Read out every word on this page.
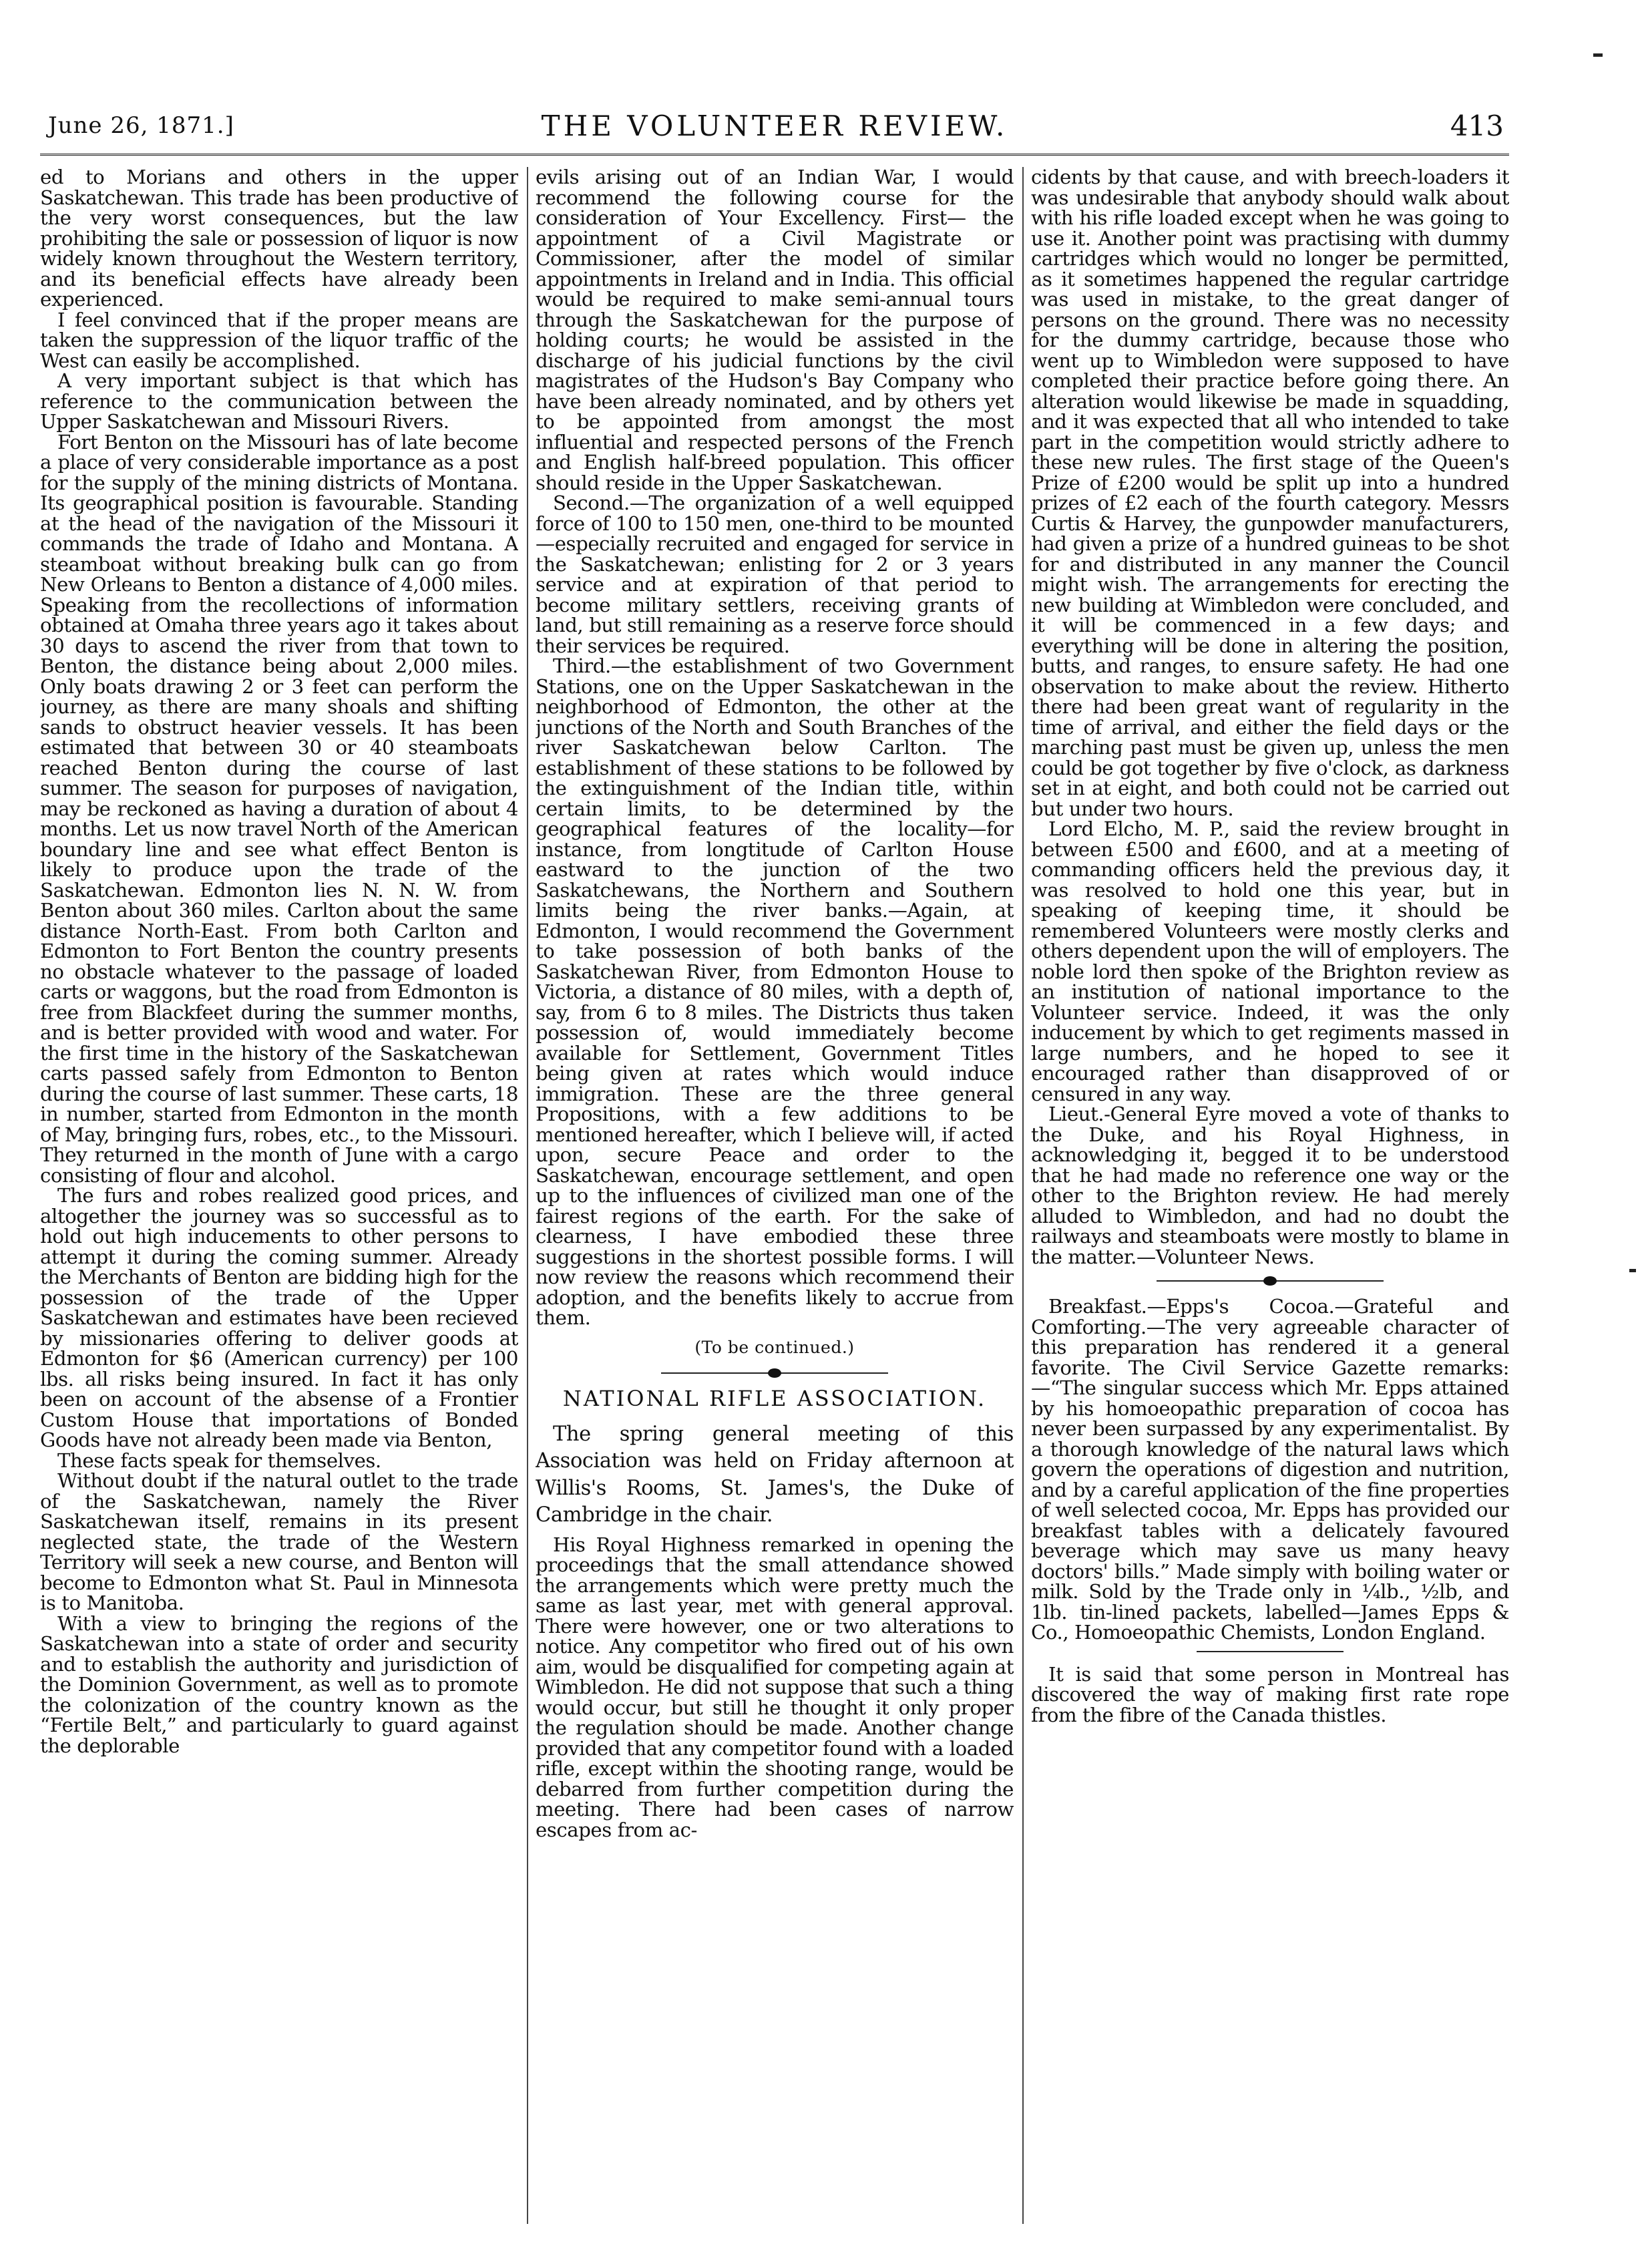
June 26, 1871.]	THE VOLUNTEER REVIEW.	413

ed to Morians and others in the upper Saskatchewan. This trade has been productive of the very worst consequences, but the law prohibiting the sale or possession of liquor is now widely known throughout the Western territory, and its beneficial effects have already been experienced.

I feel convinced that if the proper means are taken the suppression of the liquor traffic of the West can easily be accomplished.

A very important subject is that which has reference to the communication between the Upper Saskatchewan and Missouri Rivers.

Fort Benton on the Missouri has of late become a place of very considerable importance as a post for the supply of the mining districts of Montana. Its geographical position is favourable. Standing at the head of the navigation of the Missouri it commands the trade of Idaho and Montana. A steamboat without breaking bulk can go from New Orleans to Benton a distance of 4,000 miles. Speaking from the recollections of information obtained at Omaha three years ago it takes about 30 days to ascend the river from that town to Benton, the distance being about 2,000 miles. Only boats drawing 2 or 3 feet can perform the journey, as there are many shoals and shifting sands to obstruct heavier vessels. It has been estimated that between 30 or 40 steamboats reached Benton during the course of last summer. The season for purposes of navigation, may be reckoned as having a duration of about 4 months. Let us now travel North of the American boundary line and see what effect Benton is likely to produce upon the trade of the Saskatchewan. Edmonton lies N. N. W. from Benton about 360 miles. Carlton about the same distance North-East. From both Carlton and Edmonton to Fort Benton the country presents no obstacle whatever to the passage of loaded carts or waggons, but the road from Edmonton is free from Blackfeet during the summer months, and is better provided with wood and water. For the first time in the history of the Saskatchewan carts passed safely from Edmonton to Benton during the course of last summer. These carts, 18 in number, started from Edmonton in the month of May, bringing furs, robes, etc., to the Missouri. They returned in the month of June with a cargo consisting of flour and alcohol.

The furs and robes realized good prices, and altogether the journey was so successful as to hold out high inducements to other persons to attempt it during the coming summer. Already the Merchants of Benton are bidding high for the possession of the trade of the Upper Saskatchewan and estimates have been recieved by missionaries offering to deliver goods at Edmonton for $6 (American currency) per 100 lbs. all risks being insured. In fact it has only been on account of the absense of a Frontier Custom House that importations of Bonded Goods have not already been made via Benton,

These facts speak for themselves.

Without doubt if the natural outlet to the trade of the Saskatchewan, namely the River Saskatchewan itself, remains in its present neglected state, the trade of the Western Territory will seek a new course, and Benton will become to Edmonton what St. Paul in Minnesota is to Manitoba.

With a view to bringing the regions of the Saskatchewan into a state of order and security and to establish the authority and jurisdiction of the Dominion Government, as well as to promote the colonization of the country known as the “Fertile Belt,” and particularly to guard against the deplorable

evils arising out of an Indian War, I would recommend the following course for the consideration of Your Excellency. First— the appointment of a Civil Magistrate or Commissioner, after the model of similar appointments in Ireland and in India. This official would be required to make semi-annual tours through the Saskatchewan for the purpose of holding courts; he would be assisted in the discharge of his judicial functions by the civil magistrates of the Hudson's Bay Company who have been already nominated, and by others yet to be appointed from amongst the most influential and respected persons of the French and English half-breed population. This officer should reside in the Upper Saskatchewan.

Second.—The organization of a well equipped force of 100 to 150 men, one-third to be mounted—especially recruited and engaged for service in the Saskatchewan; enlisting for 2 or 3 years service and at expiration of that period to become military settlers, receiving grants of land, but still remaining as a reserve force should their services be required.

Third.—the establishment of two Government Stations, one on the Upper Saskatchewan in the neighborhood of Edmonton, the other at the junctions of the North and South Branches of the river Saskatchewan below Carlton. The establishment of these stations to be followed by the extinguishment of the Indian title, within certain limits, to be determined by the geographical features of the locality—for instance, from longtitude of Carlton House eastward to the junction of the two Saskatchewans, the Northern and Southern limits being the river banks.—Again, at Edmonton, I would recommend the Government to take possession of both banks of the Saskatchewan River, from Edmonton House to Victoria, a distance of 80 miles, with a depth of, say, from 6 to 8 miles. The Districts thus taken possession of, would immediately become available for Settlement, Government Titles being given at rates which would induce immigration. These are the three general Propositions, with a few additions to be mentioned hereafter, which I believe will, if acted upon, secure Peace and order to the Saskatchewan, encourage settlement, and open up to the influences of civilized man one of the fairest regions of the earth. For the sake of clearness, I have embodied these three suggestions in the shortest possible forms. I will now review the reasons which recommend their adoption, and the benefits likely to accrue from them.

(To be continued.)
NATIONAL RIFLE ASSOCIATION.

The spring general meeting of this Association was held on Friday afternoon at Willis's Rooms, St. James's, the Duke of Cambridge in the chair.

His Royal Highness remarked in opening the proceedings that the small attendance showed the arrangements which were pretty much the same as last year, met with general approval. There were however, one or two alterations to notice. Any competitor who fired out of his own aim, would be disqualified for competing again at Wimbledon. He did not suppose that such a thing would occur, but still he thought it only proper the regulation should be made. Another change provided that any competitor found with a loaded rifle, except within the shooting range, would be debarred from further competition during the meeting. There had been cases of narrow escapes from ac-

cidents by that cause, and with breech-loaders it was undesirable that anybody should walk about with his rifle loaded except when he was going to use it. Another point was practising with dummy cartridges which would no longer be permitted, as it sometimes happened the regular cartridge was used in mistake, to the great danger of persons on the ground. There was no necessity for the dummy cartridge, because those who went up to Wimbledon were supposed to have completed their practice before going there. An alteration would likewise be made in squadding, and it was expected that all who intended to take part in the competition would strictly adhere to these new rules. The first stage of the Queen's Prize of £200 would be split up into a hundred prizes of £2 each of the fourth category. Messrs Curtis & Harvey, the gunpowder manufacturers, had given a prize of a hundred guineas to be shot for and distributed in any manner the Council might wish. The arrangements for erecting the new building at Wimbledon were concluded, and it will be commenced in a few days; and everything will be done in altering the position, butts, and ranges, to ensure safety. He had one observation to make about the review. Hitherto there had been great want of regularity in the time of arrival, and either the field days or the marching past must be given up, unless the men could be got together by five o'clock, as darkness set in at eight, and both could not be carried out but under two hours.

Lord Elcho, M. P., said the review brought in between £500 and £600, and at a meeting of commanding officers held the previous day, it was resolved to hold one this year, but in speaking of keeping time, it should be remembered Volunteers were mostly clerks and others dependent upon the will of employers. The noble lord then spoke of the Brighton review as an institution of national importance to the Volunteer service. Indeed, it was the only inducement by which to get regiments massed in large numbers, and he hoped to see it encouraged rather than disapproved of or censured in any way.

Lieut.-General Eyre moved a vote of thanks to the Duke, and his Royal Highness, in acknowledging it, begged it to be understood that he had made no reference one way or the other to the Brighton review. He had merely alluded to Wimbledon, and had no doubt the railways and steamboats were mostly to blame in the matter.—Volunteer News.

Breakfast.—Epps's Cocoa.—Grateful and Comforting.—The very agreeable character of this preparation has rendered it a general favorite. The Civil Service Gazette remarks:—“The singular success which Mr. Epps attained by his homoeopathic preparation of cocoa has never been surpassed by any experimentalist. By a thorough knowledge of the natural laws which govern the operations of digestion and nutrition, and by a careful application of the fine properties of well selected cocoa, Mr. Epps has provided our breakfast tables with a delicately favoured beverage which may save us many heavy doctors' bills.” Made simply with boiling water or milk. Sold by the Trade only in ¼lb., ½lb, and 1lb. tin-lined packets, labelled—James Epps & Co., Homoeopathic Chemists, London England.

It is said that some person in Montreal has discovered the way of making first rate rope from the fibre of the Canada thistles.
